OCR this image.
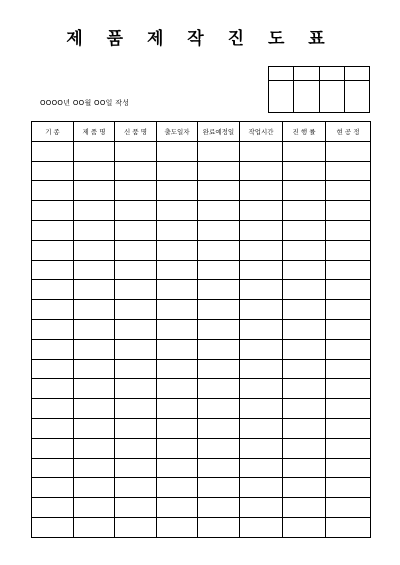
제 품 제 작 진 도 표

OOOO년 OO월 OO일 작성
기 종	제 품 명	신 품 명	출도일자	완료예정일	작업시간	진 행 률	현 공 정
